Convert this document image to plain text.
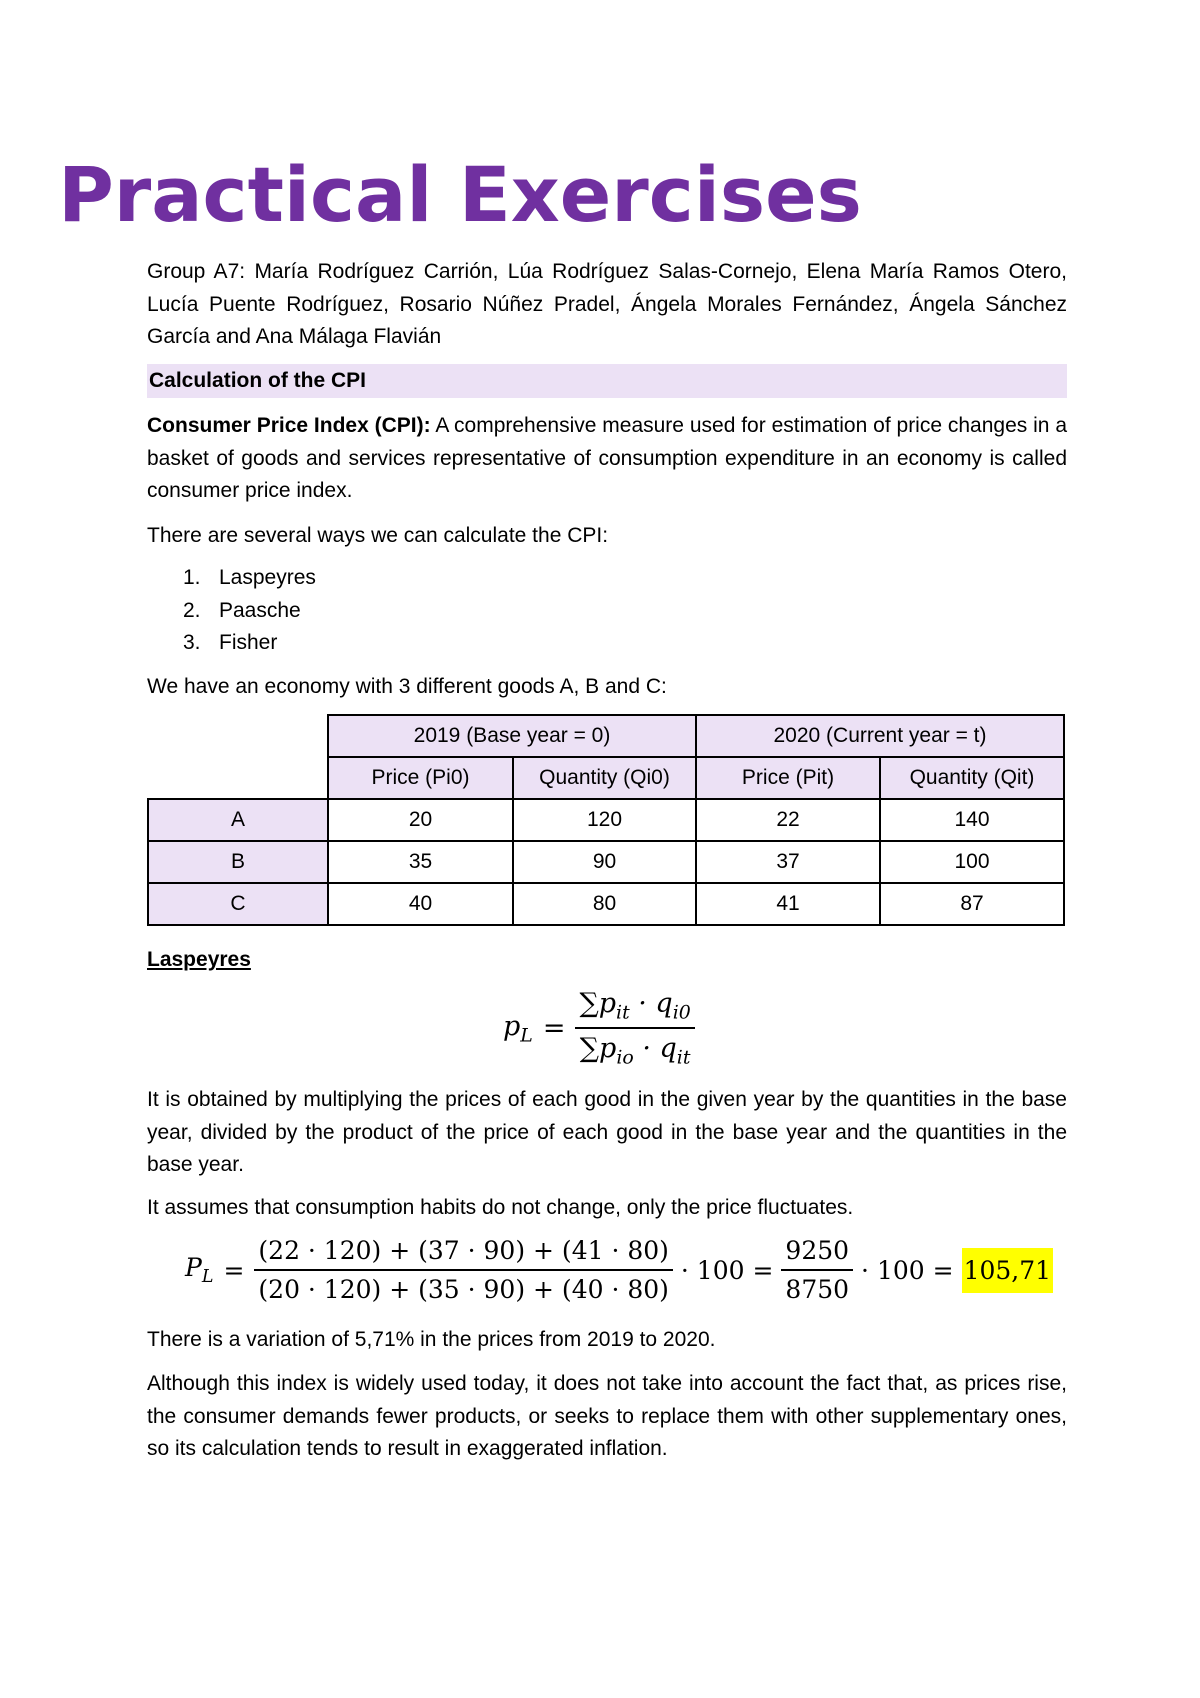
Practical Exercises

Group A7: María Rodríguez Carrión, Lúa Rodríguez Salas-Cornejo, Elena María Ramos Otero, Lucía Puente Rodríguez, Rosario Núñez Pradel, Ángela Morales Fernández, Ángela Sánchez García and Ana Málaga Flavián

Calculation of the CPI

Consumer Price Index (CPI): A comprehensive measure used for estimation of price changes in a basket of goods and services representative of consumption expenditure in an economy is called consumer price index.

There are several ways we can calculate the CPI:

1. Laspeyres
2. Paasche
3. Fisher

We have an economy with 3 different goods A, B and C:

	2019 (Base year = 0)		2020 (Current year = t)	
	Price (Pi0)	Quantity (Qi0)	Price (Pit)	Quantity (Qit)
A	20	120	22	140
B	35	90	37	100
C	40	80	41	87

Laspeyres

$p_L = \frac{\sum p_{it} \cdot q_{i0}}{\sum p_{io} \cdot q_{it}}$

It is obtained by multiplying the prices of each good in the given year by the quantities in the base year, divided by the product of the price of each good in the base year and the quantities in the base year.

It assumes that consumption habits do not change, only the price fluctuates.

$P_L = \frac{(22 \cdot 120) + (37 \cdot 90) + (41 \cdot 80)}{(20 \cdot 120) + (35 \cdot 90) + (40 \cdot 80)} \cdot 100 = \frac{9250}{8750} \cdot 100 = 105,71$

There is a variation of 5,71% in the prices from 2019 to 2020.

Although this index is widely used today, it does not take into account the fact that, as prices rise, the consumer demands fewer products, or seeks to replace them with other supplementary ones, so its calculation tends to result in exaggerated inflation.
